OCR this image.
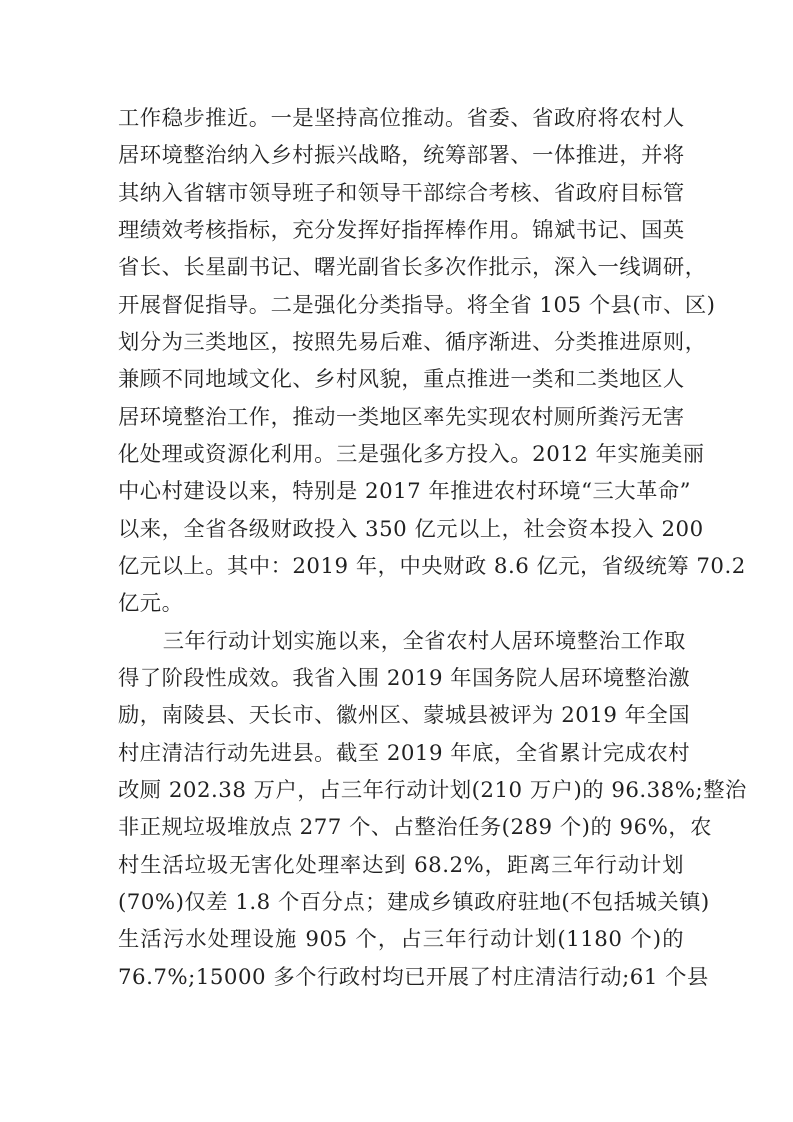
工作稳步推近。一是坚持高位推动。省委、省政府将农村人
居环境整治纳入乡村振兴战略，统筹部署、一体推进，并将
其纳入省辖市领导班子和领导干部综合考核、省政府目标管
理绩效考核指标，充分发挥好指挥棒作用。锦斌书记、国英
省长、长星副书记、曙光副省长多次作批示，深入一线调研，
开展督促指导。二是强化分类指导。将全省 105 个县(市、区)
划分为三类地区，按照先易后难、循序渐进、分类推进原则，
兼顾不同地域文化、乡村风貌，重点推进一类和二类地区人
居环境整治工作，推动一类地区率先实现农村厕所粪污无害
化处理或资源化利用。三是强化多方投入。2012 年实施美丽
中心村建设以来，特别是 2017 年推进农村环境“三大革命”
以来，全省各级财政投入 350 亿元以上，社会资本投入 200
亿元以上。其中：2019 年，中央财政 8.6 亿元，省级统筹 70.2
亿元。
三年行动计划实施以来，全省农村人居环境整治工作取
得了阶段性成效。我省入围 2019 年国务院人居环境整治激
励，南陵县、天长市、徽州区、蒙城县被评为 2019 年全国
村庄清洁行动先进县。截至 2019 年底，全省累计完成农村
改厕 202.38 万户，占三年行动计划(210 万户)的 96.38%;整治
非正规垃圾堆放点 277 个、占整治任务(289 个)的 96%，农
村生活垃圾无害化处理率达到 68.2%，距离三年行动计划
(70%)仅差 1.8 个百分点；建成乡镇政府驻地(不包括城关镇)
生活污水处理设施 905 个，占三年行动计划(1180 个)的
76.7%;15000 多个行政村均已开展了村庄清洁行动;61 个县
